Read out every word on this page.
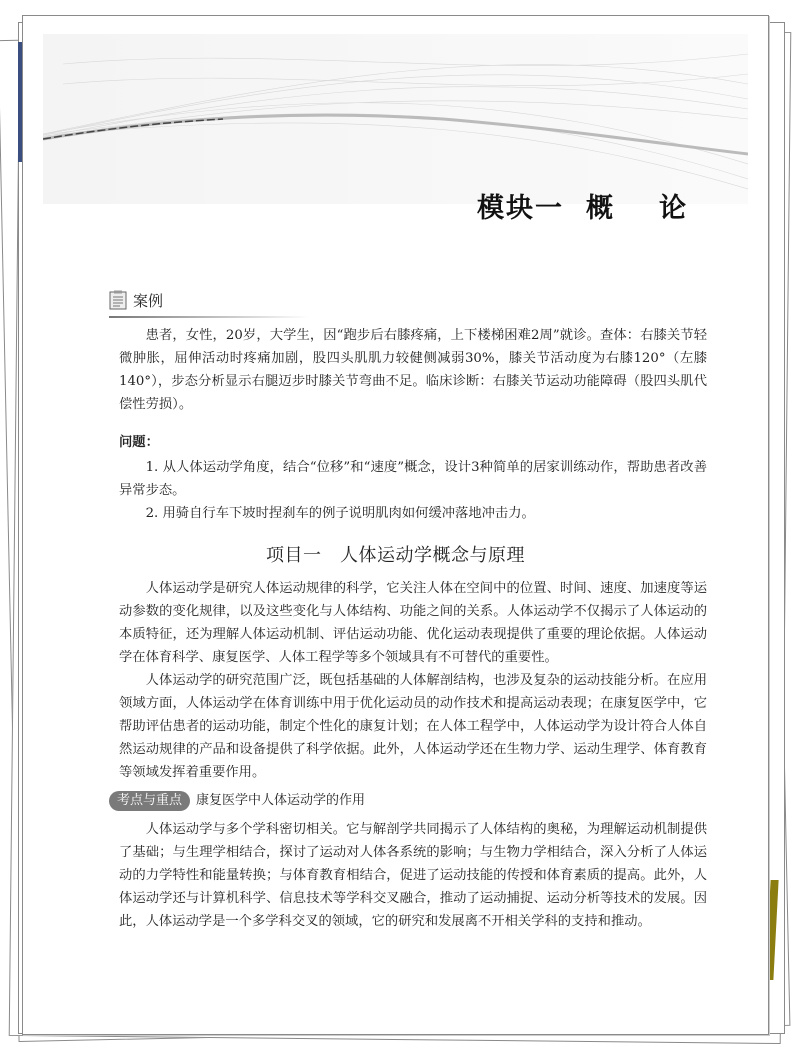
模块一 概 论
案例

患者，女性，20岁，大学生，因“跑步后右膝疼痛，上下楼梯困难2周”就诊。查体：右膝关节轻微肿胀，屈伸活动时疼痛加剧，股四头肌肌力较健侧减弱30%，膝关节活动度为右膝120°（左膝140°），步态分析显示右腿迈步时膝关节弯曲不足。临床诊断：右膝关节运动功能障碍（股四头肌代偿性劳损）。

问题：

1. 从人体运动学角度，结合“位移”和“速度”概念，设计3种简单的居家训练动作，帮助患者改善异常步态。

2. 用骑自行车下坡时捏刹车的例子说明肌肉如何缓冲落地冲击力。

项目一　人体运动学概念与原理

人体运动学是研究人体运动规律的科学，它关注人体在空间中的位置、时间、速度、加速度等运动参数的变化规律，以及这些变化与人体结构、功能之间的关系。人体运动学不仅揭示了人体运动的本质特征，还为理解人体运动机制、评估运动功能、优化运动表现提供了重要的理论依据。人体运动学在体育科学、康复医学、人体工程学等多个领域具有不可替代的重要性。

人体运动学的研究范围广泛，既包括基础的人体解剖结构，也涉及复杂的运动技能分析。在应用领域方面，人体运动学在体育训练中用于优化运动员的动作技术和提高运动表现；在康复医学中，它帮助评估患者的运动功能，制定个性化的康复计划；在人体工程学中，人体运动学为设计符合人体自然运动规律的产品和设备提供了科学依据。此外，人体运动学还在生物力学、运动生理学、体育教育等领域发挥着重要作用。

考点与重点	康复医学中人体运动学的作用

人体运动学与多个学科密切相关。它与解剖学共同揭示了人体结构的奥秘，为理解运动机制提供了基础；与生理学相结合，探讨了运动对人体各系统的影响；与生物力学相结合，深入分析了人体运动的力学特性和能量转换；与体育教育相结合，促进了运动技能的传授和体育素质的提高。此外，人体运动学还与计算机科学、信息技术等学科交叉融合，推动了运动捕捉、运动分析等技术的发展。因此，人体运动学是一个多学科交叉的领域，它的研究和发展离不开相关学科的支持和推动。
